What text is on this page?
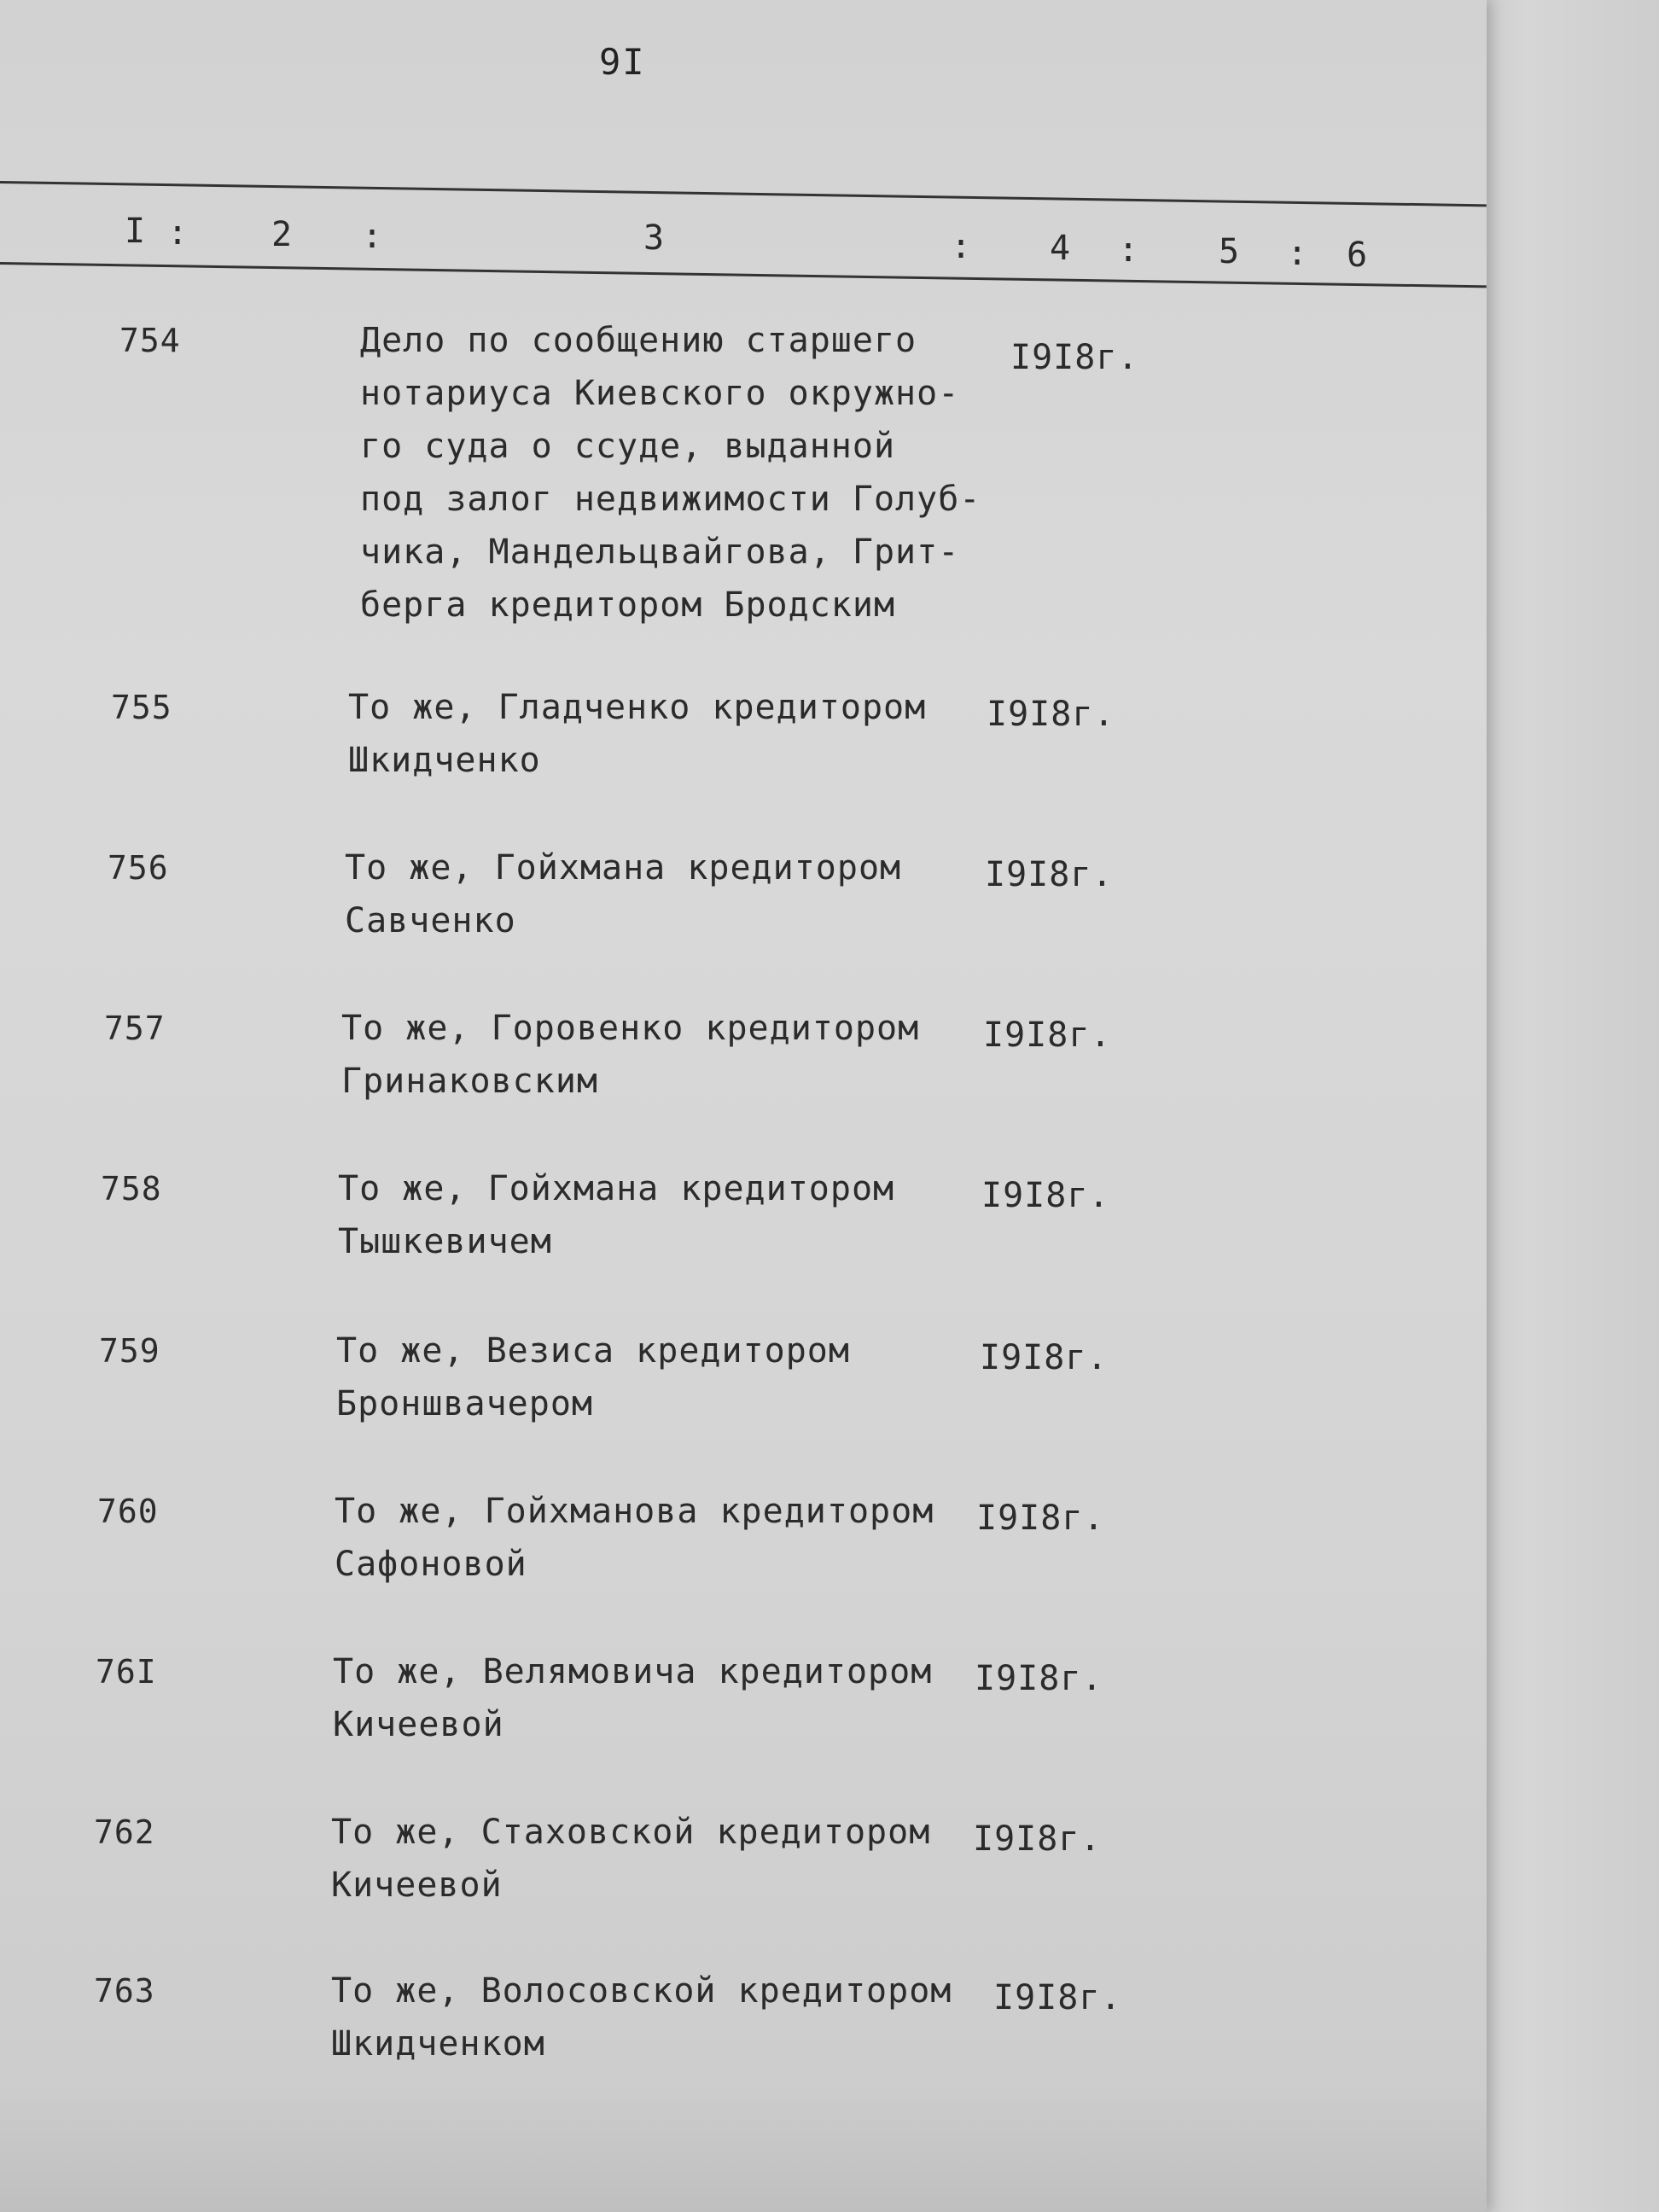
9I
I : 2 :	3	: 4 : 5 : 6
754	Дело по сообщению старшего
нотариуса Киевского окружно-
го суда о ссуде, выданной
под залог недвижимости Голуб-
чика, Мандельцвайгова, Грит-
берга кредитором Бродским
I9I8г.
755	То же, Гладченко кредитором
Шкидченко
I9I8г.
756	То же, Гойхмана кредитором
Савченко
I9I8г.
757	То же, Горовенко кредитором
Гринаковским
I9I8г.
758	То же, Гойхмана кредитором
Тышкевичем
I9I8г.
759	То же, Везиса кредитором
Броншвачером
I9I8г.
760	То же, Гойхманова кредитором
Сафоновой
I9I8г.
76I	То же, Велямовича кредитором
Кичеевой
I9I8г.
762	То же, Стаховской кредитором
Кичеевой
I9I8г.
763	То же, Волосовской кредитором
Шкидченком
I9I8г.
